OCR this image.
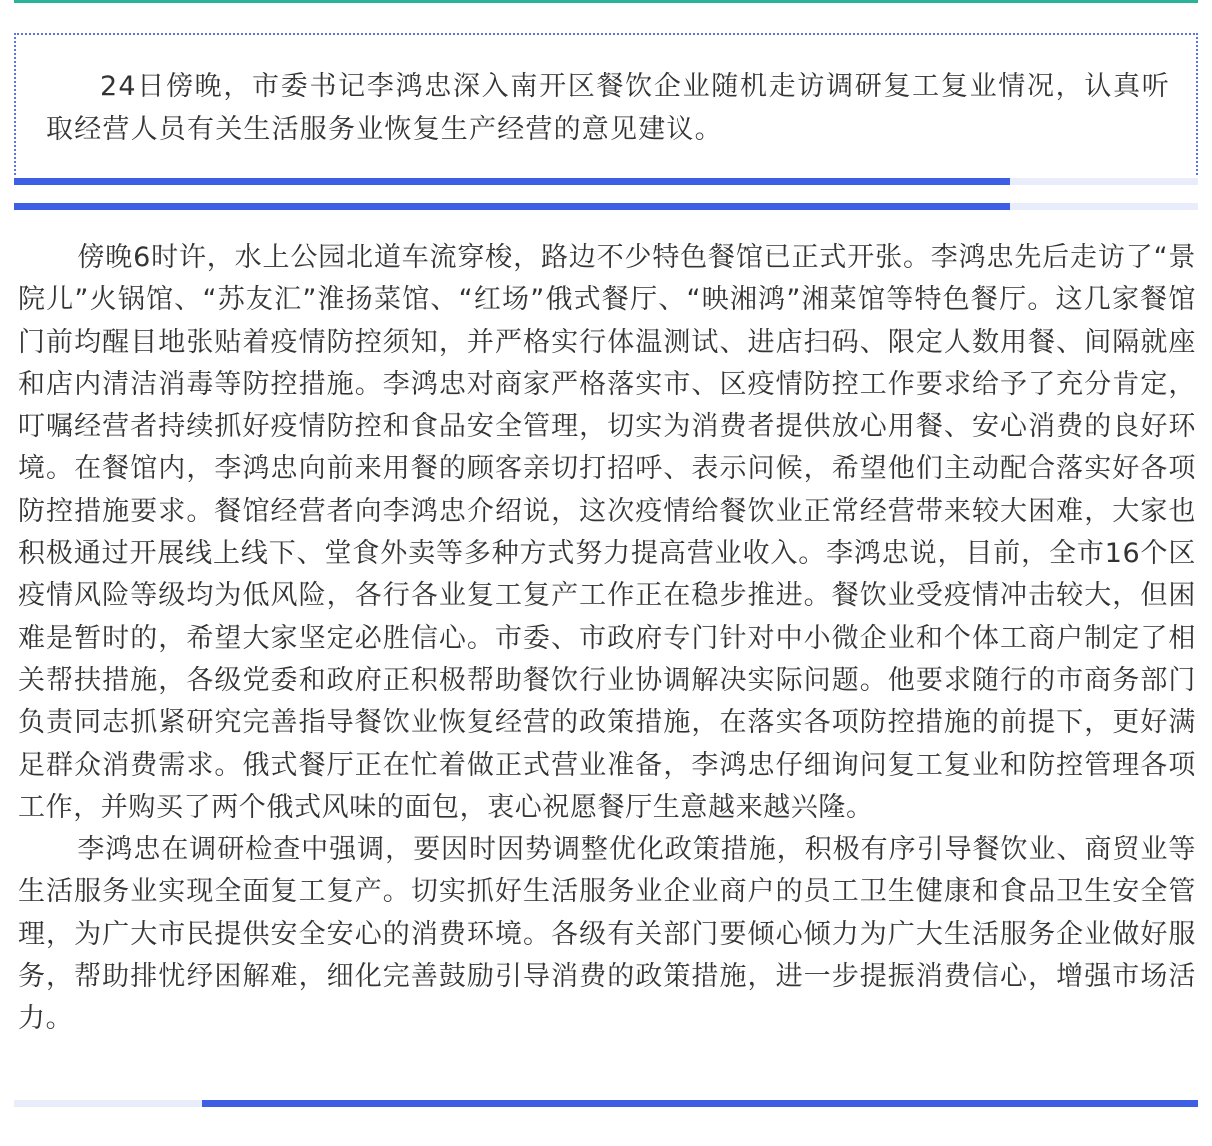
24日傍晚，市委书记李鸿忠深入南开区餐饮企业随机走访调研复工复业情况，认真听取经营人员有关生活服务业恢复生产经营的意见建议。

傍晚6时许，水上公园北道车流穿梭，路边不少特色餐馆已正式开张。李鸿忠先后走访了“景院儿”火锅馆、“苏友汇”淮扬菜馆、“红场”俄式餐厅、“映湘鸿”湘菜馆等特色餐厅。这几家餐馆门前均醒目地张贴着疫情防控须知，并严格实行体温测试、进店扫码、限定人数用餐、间隔就座和店内清洁消毒等防控措施。李鸿忠对商家严格落实市、区疫情防控工作要求给予了充分肯定，叮嘱经营者持续抓好疫情防控和食品安全管理，切实为消费者提供放心用餐、安心消费的良好环境。在餐馆内，李鸿忠向前来用餐的顾客亲切打招呼、表示问候，希望他们主动配合落实好各项防控措施要求。餐馆经营者向李鸿忠介绍说，这次疫情给餐饮业正常经营带来较大困难，大家也积极通过开展线上线下、堂食外卖等多种方式努力提高营业收入。李鸿忠说，目前，全市16个区疫情风险等级均为低风险，各行各业复工复产工作正在稳步推进。餐饮业受疫情冲击较大，但困难是暂时的，希望大家坚定必胜信心。市委、市政府专门针对中小微企业和个体工商户制定了相关帮扶措施，各级党委和政府正积极帮助餐饮行业协调解决实际问题。他要求随行的市商务部门负责同志抓紧研究完善指导餐饮业恢复经营的政策措施，在落实各项防控措施的前提下，更好满足群众消费需求。俄式餐厅正在忙着做正式营业准备，李鸿忠仔细询问复工复业和防控管理各项工作，并购买了两个俄式风味的面包，衷心祝愿餐厅生意越来越兴隆。

李鸿忠在调研检查中强调，要因时因势调整优化政策措施，积极有序引导餐饮业、商贸业等生活服务业实现全面复工复产。切实抓好生活服务业企业商户的员工卫生健康和食品卫生安全管理，为广大市民提供安全安心的消费环境。各级有关部门要倾心倾力为广大生活服务企业做好服务，帮助排忧纾困解难，细化完善鼓励引导消费的政策措施，进一步提振消费信心，增强市场活力。
